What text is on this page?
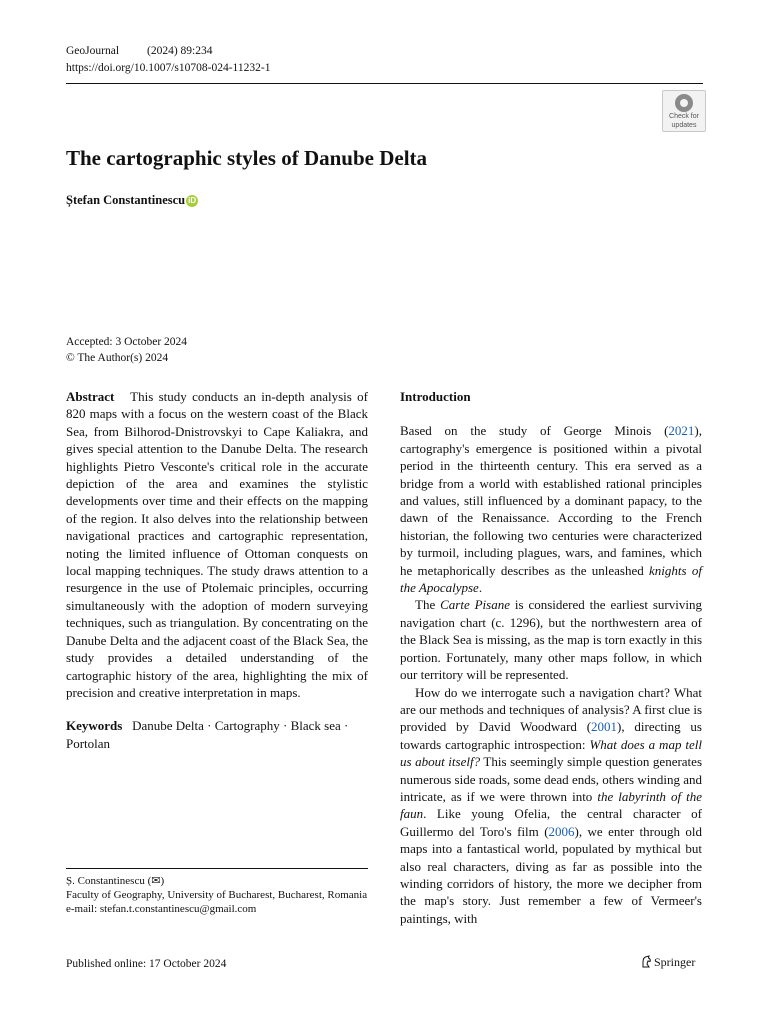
GeoJournal (2024) 89:234
https://doi.org/10.1007/s10708-024-11232-1
Check for
updates
The cartographic styles of Danube Delta
Ștefan Constantinescu iD
Accepted: 3 October 2024
© The Author(s) 2024

Abstract This study conducts an in-depth analysis of 820 maps with a focus on the western coast of the Black Sea, from Bilhorod-Dnistrovskyi to Cape Kaliakra, and gives special attention to the Danube Delta. The research highlights Pietro Vesconte's critical role in the accurate depiction of the area and examines the stylistic developments over time and their effects on the mapping of the region. It also delves into the relationship between navigational practices and cartographic representation, noting the limited influence of Ottoman conquests on local mapping techniques. The study draws attention to a resurgence in the use of Ptolemaic principles, occurring simultaneously with the adoption of modern surveying techniques, such as triangulation. By concentrating on the Danube Delta and the adjacent coast of the Black Sea, the study provides a detailed understanding of the cartographic history of the area, highlighting the mix of precision and creative interpretation in maps.

Keywords Danube Delta · Cartography · Black sea · Portolan

Ș. Constantinescu (✉)
Faculty of Geography, University of Bucharest, Bucharest, Romania
e-mail: stefan.t.constantinescu@gmail.com

Introduction

Based on the study of George Minois (2021), cartography's emergence is positioned within a pivotal period in the thirteenth century. This era served as a bridge from a world with established rational principles and values, still influenced by a dominant papacy, to the dawn of the Renaissance. According to the French historian, the following two centuries were characterized by turmoil, including plagues, wars, and famines, which he metaphorically describes as the unleashed knights of the Apocalypse.

The Carte Pisane is considered the earliest surviving navigation chart (c. 1296), but the northwestern area of the Black Sea is missing, as the map is torn exactly in this portion. Fortunately, many other maps follow, in which our territory will be represented.

How do we interrogate such a navigation chart? What are our methods and techniques of analysis? A first clue is provided by David Woodward (2001), directing us towards cartographic introspection: What does a map tell us about itself? This seemingly simple question generates numerous side roads, some dead ends, others winding and intricate, as if we were thrown into the labyrinth of the faun. Like young Ofelia, the central character of Guillermo del Toro's film (2006), we enter through old maps into a fantastical world, populated by mythical but also real characters, diving as far as possible into the winding corridors of history, the more we decipher from the map's story. Just remember a few of Vermeer's paintings, with

Published online: 17 October 2024	Springer
